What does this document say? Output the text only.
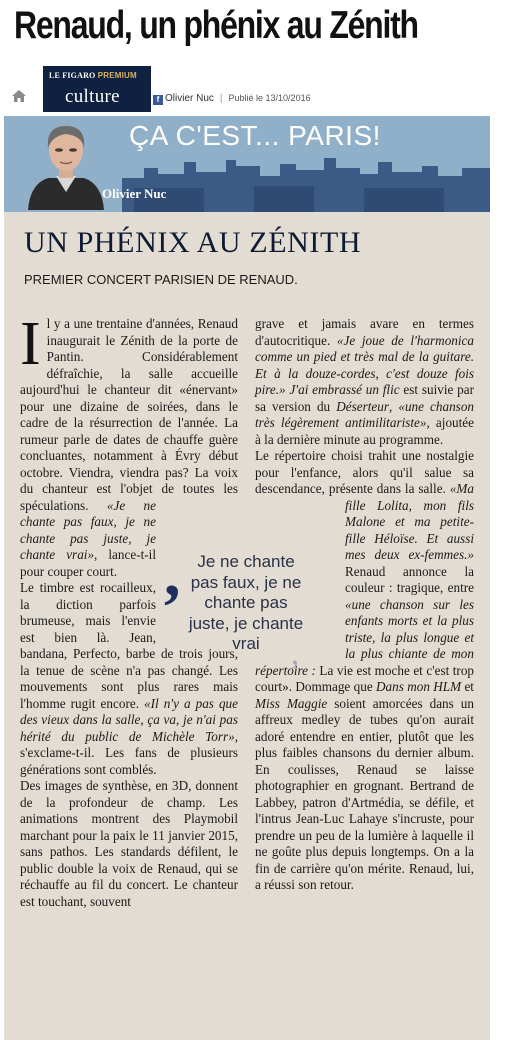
Renaud, un phénix au Zénith
LE FIGARO PREMIUM
culture	f Olivier Nuc | Publié le 13/10/2016
ÇA C'EST... PARIS!
Olivier Nuc
UN PHÉNIX AU ZÉNITH
PREMIER CONCERT PARISIEN DE RENAUD.

Il y a une trentaine d'années, Renaud inaugurait le Zénith de la porte de Pantin. Considérablement défraîchie, la salle accueille aujourd'hui le chanteur dit «énervant» pour une dizaine de soirées, dans le cadre de la résurrection de l'année. La rumeur parle de dates de chauffe guère concluantes, notamment à Évry début octobre. Viendra, viendra pas? La voix du chanteur est l'objet de toutes les spéculations.
«Je ne chante pas faux, je ne chante pas juste, je chante vrai», lance-t-il pour couper court.

Le timbre est rocailleux, la diction parfois brumeuse, mais l'envie est bien là. Jean, bandana, Perfecto, barbe de trois jours, la tenue de scène n'a pas changé. Les mouvements sont plus rares mais l'homme rugit encore. «Il n'y a pas que des vieux dans la salle, ça va, je n'ai pas hérité du public de Michèle Torr», s'exclame-t-il. Les fans de plusieurs générations sont comblés.

Des images de synthèse, en 3D, donnent de la profondeur de champ. Les animations montrent des Playmobil marchant pour la paix le 11 janvier 2015, sans pathos. Les standards défilent, le public double la voix de Renaud, qui se réchauffe au fil du concert. Le chanteur est touchant, souvent

grave et jamais avare en termes d'autocritique. «Je joue de l'harmonica comme un pied et très mal de la guitare. Et à la douze-cordes, c'est douze fois pire.» J'ai embrassé un flic est suivie par sa version du Déserteur, «une chanson très légèrement antimilitariste», ajoutée à la dernière minute au programme.

Le répertoire choisi trahit une nostalgie pour l'enfance, alors qu'il salue sa descendance, présente dans la salle.
«Ma fille Lolita, mon fils Malone et ma petite-fille Héloïse. Et aussi mes deux ex-femmes.» Renaud annonce la couleur : tragique, entre «une chanson sur les enfants morts et la plus triste, la plus longue et la plus chiante de mon répertoire : La vie est moche et c'est trop court». Dommage que Dans mon HLM et Miss Maggie soient amorcées dans un affreux medley de tubes qu'on aurait adoré entendre en entier, plutôt que les plus faibles chansons du dernier album. En coulisses, Renaud se laisse photographier en grognant. Bertrand de Labbey, patron d'Artmédia, se défile, et l'intrus Jean-Luc Lahaye s'incruste, pour prendre un peu de la lumière à laquelle il ne goûte plus depuis longtemps. On a la fin de carrière qu'on mérite. Renaud, lui, a réussi son retour.

, Je ne chante pas faux, je ne chante pas juste, je chante vrai ,
